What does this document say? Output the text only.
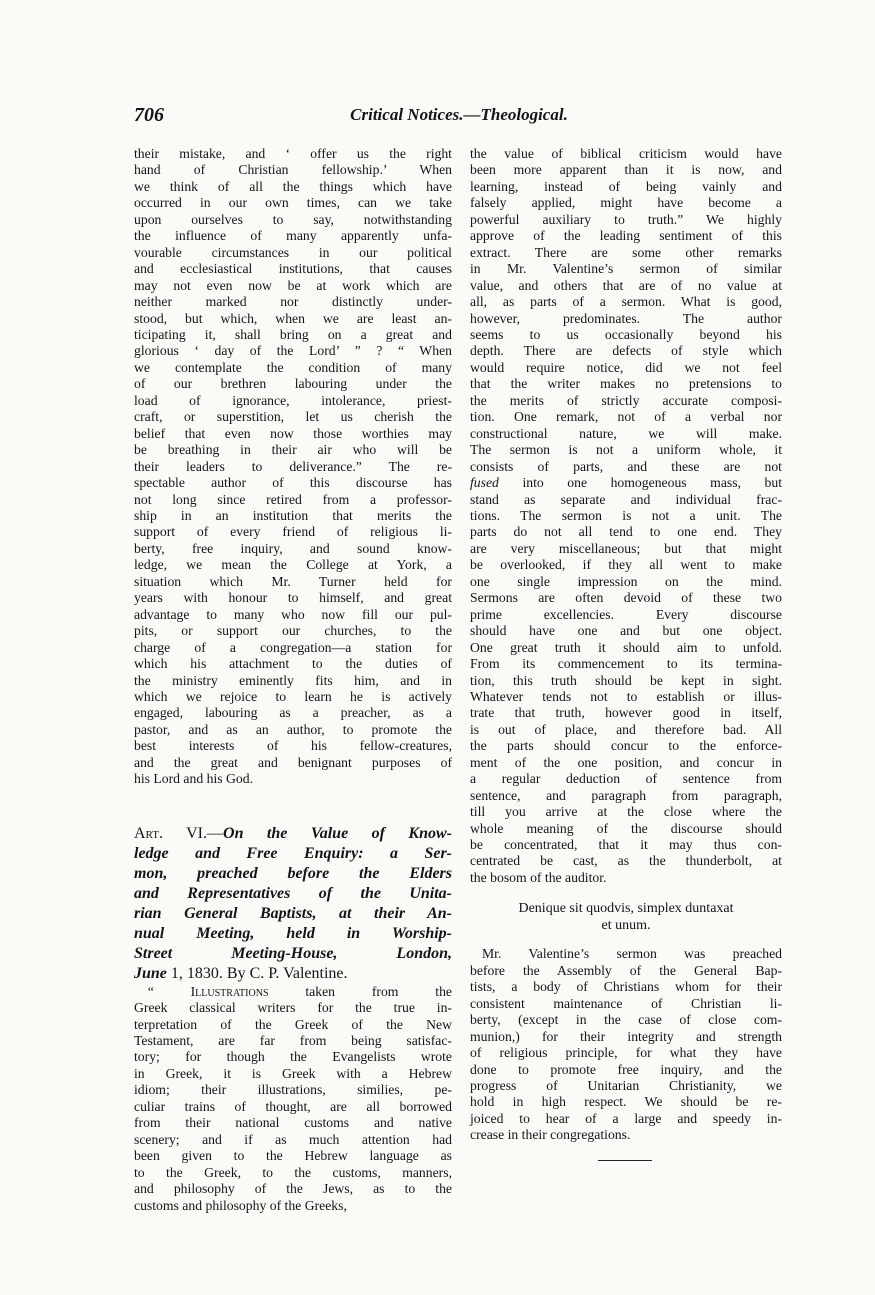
706	Critical Notices.—Theological.

their mistake, and ‘ offer us the right
hand of Christian fellowship.’ When
we think of all the things which have
occurred in our own times, can we take
upon ourselves to say, notwithstanding
the influence of many apparently unfa-
vourable circumstances in our political
and ecclesiastical institutions, that causes
may not even now be at work which are
neither marked nor distinctly under-
stood, but which, when we are least an-
ticipating it, shall bring on a great and
glorious ‘ day of the Lord’ ” ? “ When
we contemplate the condition of many
of our brethren labouring under the
load of ignorance, intolerance, priest-
craft, or superstition, let us cherish the
belief that even now those worthies may
be breathing in their air who will be
their leaders to deliverance.” The re-
spectable author of this discourse has
not long since retired from a professor-
ship in an institution that merits the
support of every friend of religious li-
berty, free inquiry, and sound know-
ledge, we mean the College at York, a
situation which Mr. Turner held for
years with honour to himself, and great
advantage to many who now fill our pul-
pits, or support our churches, to the
charge of a congregation—a station for
which his attachment to the duties of
the ministry eminently fits him, and in
which we rejoice to learn he is actively
engaged, labouring as a preacher, as a
pastor, and as an author, to promote the
best interests of his fellow-creatures,
and the great and benignant purposes of
his Lord and his God.

Art. VI.—On the Value of Know-
ledge and Free Enquiry: a Ser-
mon, preached before the Elders
and Representatives of the Unita-
rian General Baptists, at their An-
nual Meeting, held in Worship-
Street Meeting-House, London,
June 1, 1830. By C. P. Valentine.

 “ Illustrations taken from the
Greek classical writers for the true in-
terpretation of the Greek of the New
Testament, are far from being satisfac-
tory; for though the Evangelists wrote
in Greek, it is Greek with a Hebrew
idiom; their illustrations, similies, pe-
culiar trains of thought, are all borrowed
from their national customs and native
scenery; and if as much attention had
been given to the Hebrew language as
to the Greek, to the customs, manners,
and philosophy of the Jews, as to the
customs and philosophy of the Greeks,

the value of biblical criticism would have
been more apparent than it is now, and
learning, instead of being vainly and
falsely applied, might have become a
powerful auxiliary to truth.” We highly
approve of the leading sentiment of this
extract. There are some other remarks
in Mr. Valentine’s sermon of similar
value, and others that are of no value at
all, as parts of a sermon. What is good,
however, predominates. The author
seems to us occasionally beyond his
depth. There are defects of style which
would require notice, did we not feel
that the writer makes no pretensions to
the merits of strictly accurate composi-
tion. One remark, not of a verbal nor
constructional nature, we will make.
The sermon is not a uniform whole, it
consists of parts, and these are not
fused into one homogeneous mass, but
stand as separate and individual frac-
tions. The sermon is not a unit. The
parts do not all tend to one end. They
are very miscellaneous; but that might
be overlooked, if they all went to make
one single impression on the mind.
Sermons are often devoid of these two
prime excellencies. Every discourse
should have one and but one object.
One great truth it should aim to unfold.
From its commencement to its termina-
tion, this truth should be kept in sight.
Whatever tends not to establish or illus-
trate that truth, however good in itself,
is out of place, and therefore bad. All
the parts should concur to the enforce-
ment of the one position, and concur in
a regular deduction of sentence from
sentence, and paragraph from paragraph,
till you arrive at the close where the
whole meaning of the discourse should
be concentrated, that it may thus con-
centrated be cast, as the thunderbolt, at
the bosom of the auditor.

Denique sit quodvis, simplex duntaxat
et unum.

Mr. Valentine’s sermon was preached
before the Assembly of the General Bap-
tists, a body of Christians whom for their
consistent maintenance of Christian li-
berty, (except in the case of close com-
munion,) for their integrity and strength
of religious principle, for what they have
done to promote free inquiry, and the
progress of Unitarian Christianity, we
hold in high respect. We should be re-
joiced to hear of a large and speedy in-
crease in their congregations.
